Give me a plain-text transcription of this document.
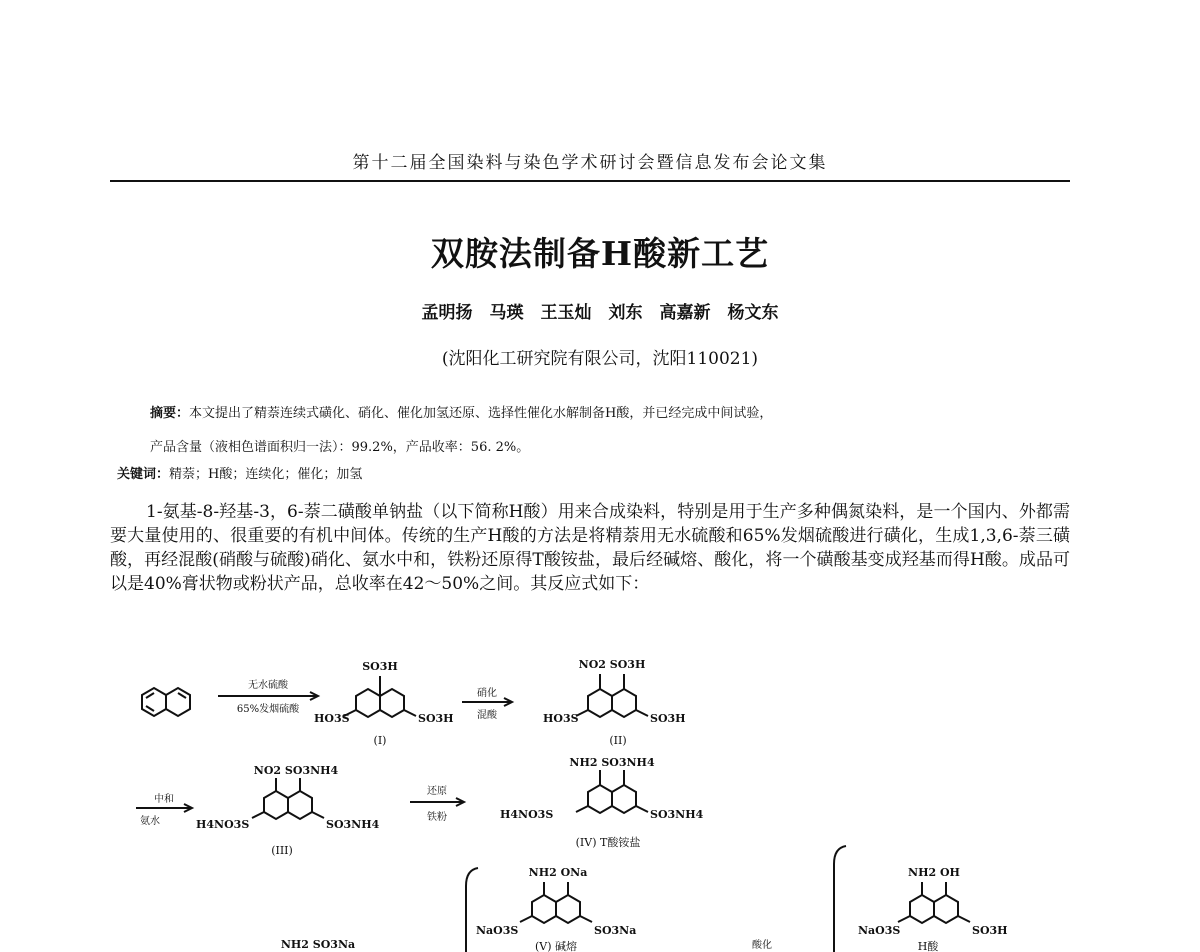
第十二届全国染料与染色学术研讨会暨信息发布会论文集
双胺法制备H酸新工艺
孟明扬　马瑛　王玉灿　刘东　高嘉新　杨文东
(沈阳化工研究院有限公司，沈阳110021)
摘要：本文提出了精萘连续式磺化、硝化、催化加氢还原、选择性催化水解制备H酸，并已经完成中间试验，
产品含量（液相色谱面积归一法）：99.2%，产品收率：56. 2%。
关键词：精萘；H酸；连续化；催化；加氢

1-氨基-8-羟基-3，6-萘二磺酸单钠盐（以下简称H酸）用来合成染料，特别是用于生产多种偶氮染料，是一个国内、外都需要大量使用的、很重要的有机中间体。传统的生产H酸的方法是将精萘用无水硫酸和65%发烟硫酸进行磺化，生成1,3,6-萘三磺酸，再经混酸(硝酸与硫酸)硝化、氨水中和，铁粉还原得T酸铵盐，最后经碱熔、酸化，将一个磺酸基变成羟基而得H酸。成品可以是40%膏状物或粉状产品，总收率在42～50%之间。其反应式如下：

无水硫酸
65%发烟硫酸
SO3H
HO3S	SO3H
(I)
硝化
混酸
NO2 SO3H
HO3S	SO3H
(II)
中和
氨水
NO2 SO3NH4
H4NO3S	SO3NH4
(III)
还原
铁粉
NH2 SO3NH4
H4NO3S	SO3NH4
(IV) T酸铵盐
NH2 SO3Na
NH2 ONa
NaO3S	SO3Na
(V) 碱熔	酸化
NH2 OH
NaO3S	SO3H
H酸
